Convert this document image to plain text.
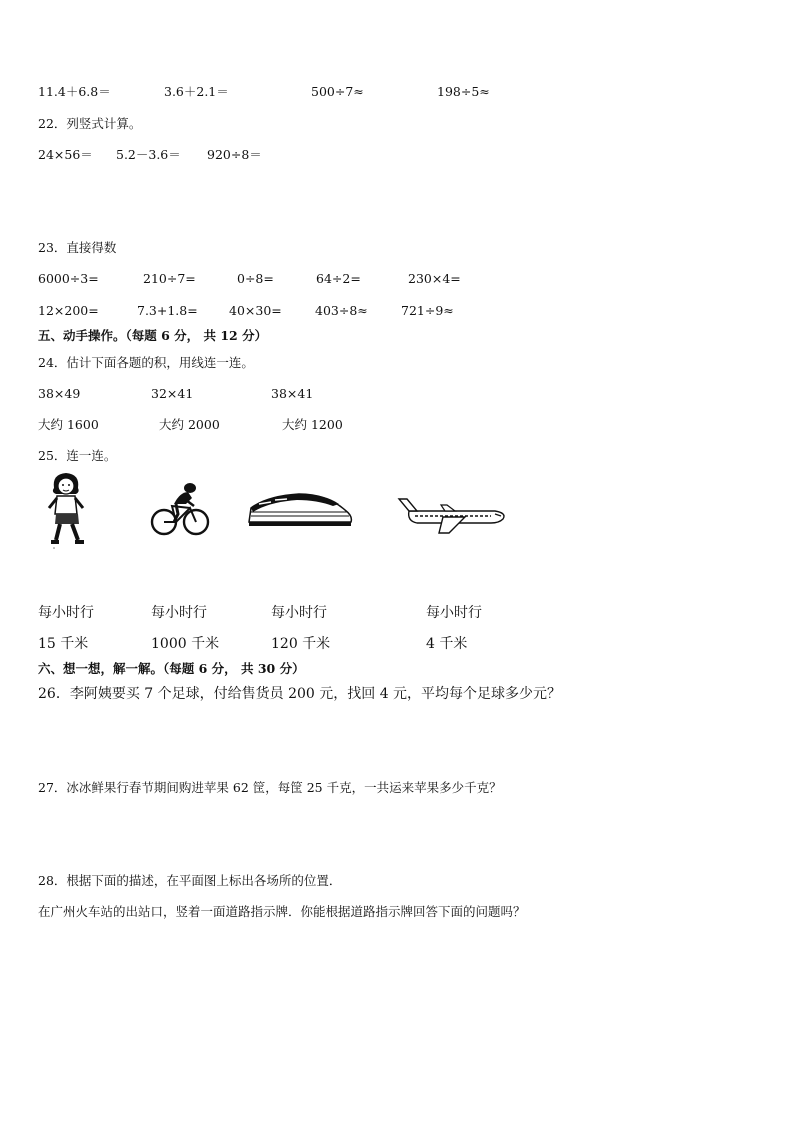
11.4＋6.8＝	3.6＋2.1＝	500÷7≈	198÷5≈
22．列竖式计算。
24×56＝ 5.2－3.6＝ 920÷8＝
23．直接得数
6000÷3=	210÷7=	0÷8=	64÷2=	230×4=
12×200=	7.3+1.8=	40×30=	403÷8≈	721÷9≈
五、动手操作。（每题 6 分， 共 12 分）
24．估计下面各题的积，用线连一连。
38×49	32×41	38×41
大约 1600	大约 2000	大约 1200
25．连一连。
每小时行	每小时行	每小时行	每小时行
15 千米	1000 千米	120 千米	4 千米
六、想一想，解一解。（每题 6 分， 共 30 分）
26．李阿姨要买 7 个足球，付给售货员 200 元，找回 4 元，平均每个足球多少元？
27．冰冰鲜果行春节期间购进苹果 62 筐，每筐 25 千克，一共运来苹果多少千克？
28．根据下面的描述，在平面图上标出各场所的位置．
在广州火车站的出站口，竖着一面道路指示牌．你能根据道路指示牌回答下面的问题吗？
